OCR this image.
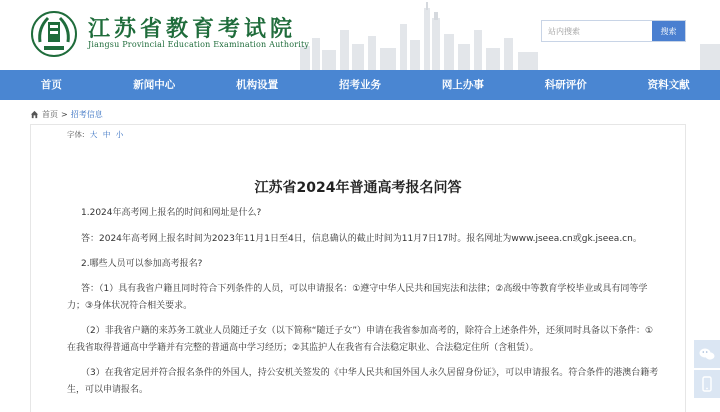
江苏省教育考试院
Jiangsu Provincial Education Examination Authority
站内搜索
搜索
首页	新闻中心	机构设置	招考业务	网上办事	科研评价	资料文献
首页 > 招考信息
字体: 大 中 小
江苏省2024年普通高考报名问答
1.2024年高考网上报名的时间和网址是什么?
答：2024年高考网上报名时间为2023年11月1日至4日，信息确认的截止时间为11月7日17时。报名网址为www.jseea.cn或gk.jseea.cn。
2.哪些人员可以参加高考报名?
答：（1）具有我省户籍且同时符合下列条件的人员，可以申请报名：①遵守中华人民共和国宪法和法律；②高级中等教育学校毕业或具有同等学力；③身体状况符合相关要求。
（2）非我省户籍的来苏务工就业人员随迁子女（以下简称“随迁子女”）申请在我省参加高考的，除符合上述条件外，还须同时具备以下条件：①在我省取得普通高中学籍并有完整的普通高中学习经历；②其监护人在我省有合法稳定职业、合法稳定住所（含租赁）。
（3）在我省定居并符合报名条件的外国人，持公安机关签发的《中华人民共和国外国人永久居留身份证》，可以申请报名。符合条件的港澳台籍考生，可以申请报名。
